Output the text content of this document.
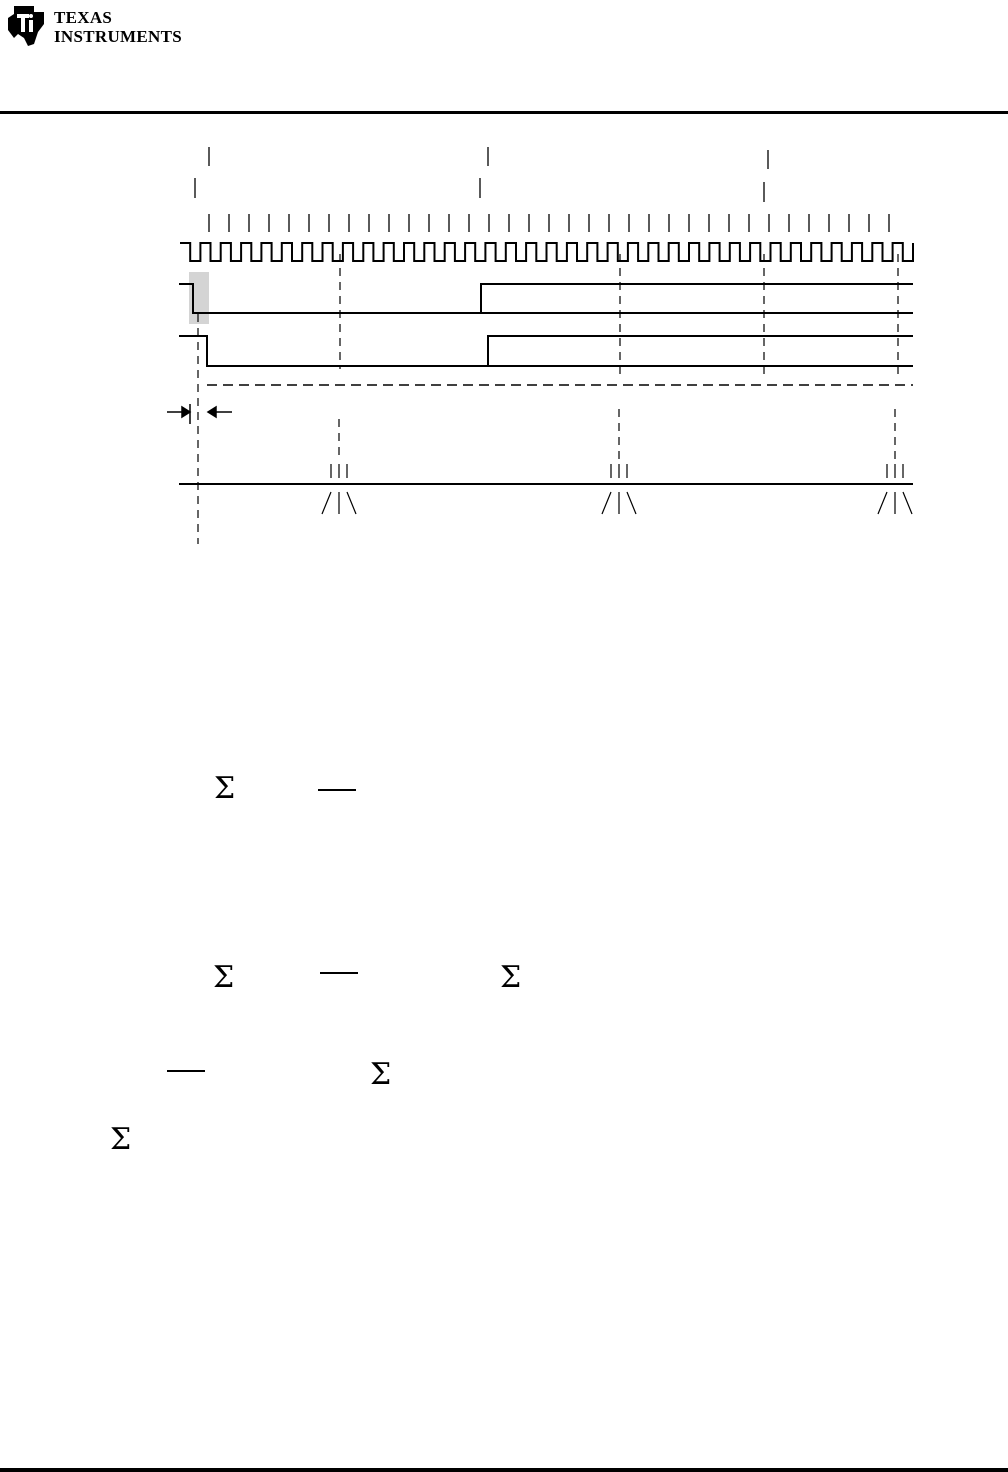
TEXAS
INSTRUMENTS
Σ
Σ	Σ
Σ
Σ
